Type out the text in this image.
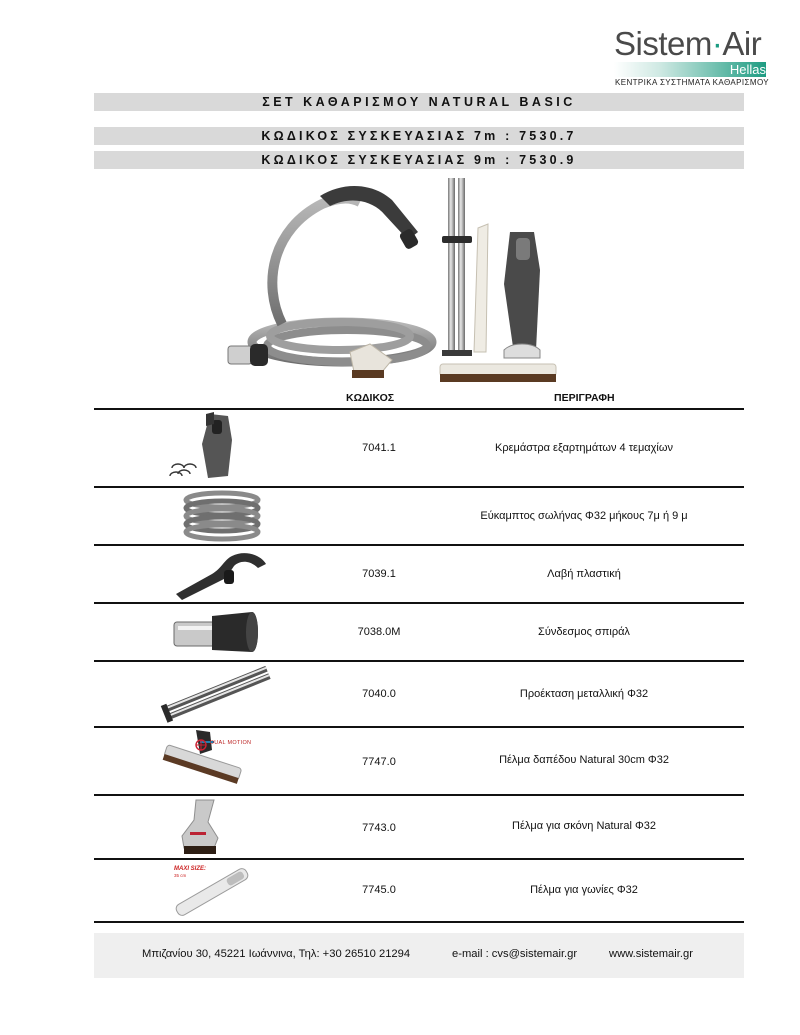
Sistem·Air
Hellas
ΚΕΝΤΡΙΚΑ ΣΥΣΤΗΜΑΤΑ ΚΑΘΑΡΙΣΜΟΥ
ΣΕΤ ΚΑΘΑΡΙΣΜΟΥ NATURAL BASIC
ΚΩΔΙΚΟΣ ΣΥΣΚΕΥΑΣΙΑΣ 7m : 7530.7
ΚΩΔΙΚΟΣ ΣΥΣΚΕΥΑΣΙΑΣ 9m : 7530.9
ΚΩΔΙΚΟΣ	ΠΕΡΙΓΡΑΦΗ
7041.1	Κρεμάστρα εξαρτημάτων 4 τεμαχίων
Εύκαμπτος σωλήνας Φ32 μήκους 7μ ή 9 μ
7039.1	Λαβή πλαστική
7038.0M	Σύνδεσμος σπιράλ
7040.0	Προέκταση μεταλλική Φ32
DUAL MOTION
7747.0	Πέλμα δαπέδου Natural 30cm Φ32
7743.0	Πέλμα για σκόνη Natural Φ32
MAXI SIZE:
35 cm
7745.0	Πέλμα για γωνίες Φ32
Μπιζανίου 30, 45221 Ιωάννινα, Τηλ: +30 26510 21294	e-mail : cvs@sistemair.gr	www.sistemair.gr
